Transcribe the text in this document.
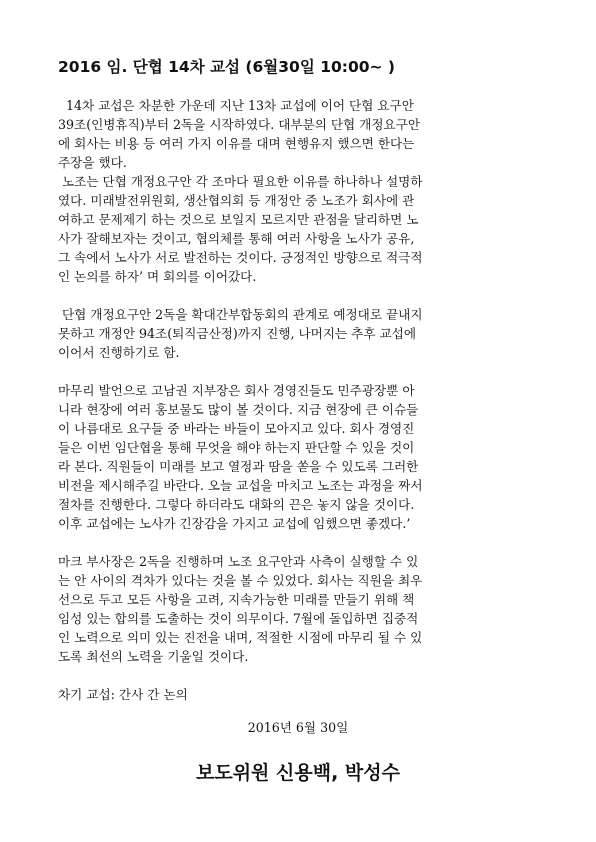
2016 임. 단협 14차 교섭 (6월30일 10:00~ )
14차 교섭은 차분한 가운데 지난 13차 교섭에 이어 단협 요구안
39조(인병휴직)부터 2독을 시작하였다. 대부분의 단협 개정요구안
에 회사는 비용 등 여러 가지 이유를 대며 현행유지 했으면 한다는
주장을 했다.
노조는 단협 개정요구안 각 조마다 필요한 이유를 하나하나 설명하
였다. 미래발전위원회, 생산협의회 등 개정안 중 노조가 회사에 관
여하고 문제제기 하는 것으로 보일지 모르지만 관점을 달리하면 노
사가 잘해보자는 것이고, 협의체를 통해 여러 사항을 노사가 공유,
그 속에서 노사가 서로 발전하는 것이다. 긍정적인 방향으로 적극적
인 논의를 하자’ 며 회의를 이어갔다.
단협 개정요구안 2독을 확대간부합동회의 관계로 예정대로 끝내지
못하고 개정안 94조(퇴직금산정)까지 진행, 나머지는 추후 교섭에
이어서 진행하기로 함.
마무리 발언으로 고남권 지부장은 회사 경영진들도 민주광장뿐 아
니라 현장에 여러 홍보물도 많이 볼 것이다. 지금 현장에 큰 이슈들
이 나름대로 요구들 중 바라는 바들이 모아지고 있다. 회사 경영진
들은 이번 임단협을 통해 무엇을 해야 하는지 판단할 수 있을 것이
라 본다. 직원들이 미래를 보고 열정과 땀을 쏟을 수 있도록 그러한
비전을 제시해주길 바란다. 오늘 교섭을 마치고 노조는 과정을 짜서
절차를 진행한다. 그렇다 하더라도 대화의 끈은 놓지 않을 것이다.
이후 교섭에는 노사가 긴장감을 가지고 교섭에 임했으면 좋겠다.’
마크 부사장은 2독을 진행하며 노조 요구안과 사측이 실행할 수 있
는 안 사이의 격차가 있다는 것을 볼 수 있었다. 회사는 직원을 최우
선으로 두고 모든 사항을 고려, 지속가능한 미래를 만들기 위해 책
임성 있는 합의를 도출하는 것이 의무이다. 7월에 돌입하면 집중적
인 노력으로 의미 있는 진전을 내며, 적절한 시점에 마무리 될 수 있
도록 최선의 노력을 기울일 것이다.
차기 교섭: 간사 간 논의
2016년 6월 30일
보도위원 신용백, 박성수
